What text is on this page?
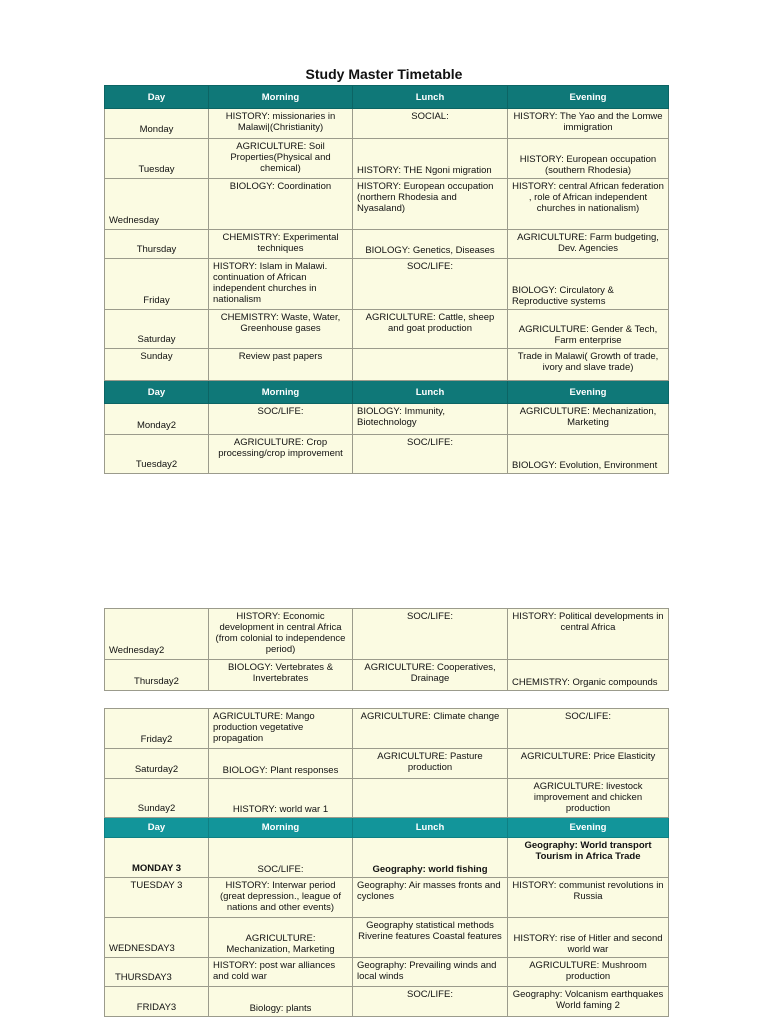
Study Master Timetable
Day	Morning	Lunch	Evening
Monday	HISTORY: missionaries in Malawi|(Christianity)	SOCIAL:	HISTORY: The Yao and the Lomwe immigration
Tuesday	AGRICULTURE: Soil Properties(Physical and chemical)	HISTORY: THE Ngoni migration	HISTORY: European occupation (southern Rhodesia)
Wednesday	BIOLOGY: Coordination	HISTORY: European occupation (northern Rhodesia and Nyasaland)	HISTORY: central African federation , role of African independent churches in nationalism)
Thursday	CHEMISTRY: Experimental techniques	BIOLOGY: Genetics, Diseases	AGRICULTURE: Farm budgeting, Dev. Agencies
Friday	HISTORY: Islam in Malawi. continuation of African independent churches in nationalism	SOC/LIFE:	BIOLOGY: Circulatory & Reproductive systems
Saturday	CHEMISTRY: Waste, Water, Greenhouse gases	AGRICULTURE: Cattle, sheep and goat production	AGRICULTURE: Gender & Tech, Farm enterprise
Sunday	Review past papers		Trade in Malawi( Growth of trade, ivory and slave trade)
Day	Morning	Lunch	Evening
Monday2	SOC/LIFE:	BIOLOGY: Immunity, Biotechnology	AGRICULTURE: Mechanization, Marketing
Tuesday2	AGRICULTURE: Crop processing/crop improvement	SOC/LIFE:	BIOLOGY: Evolution, Environment
Wednesday2	HISTORY: Economic development in central Africa (from colonial to independence period)	SOC/LIFE:	HISTORY: Political developments in central Africa
Thursday2	BIOLOGY: Vertebrates & Invertebrates	AGRICULTURE: Cooperatives, Drainage	CHEMISTRY: Organic compounds
Friday2	AGRICULTURE: Mango production vegetative propagation	AGRICULTURE: Climate change	SOC/LIFE:
Saturday2	BIOLOGY: Plant responses	AGRICULTURE: Pasture production	AGRICULTURE: Price Elasticity
Sunday2	HISTORY: world war 1		AGRICULTURE: livestock improvement and chicken production
Day	Morning	Lunch	Evening
MONDAY 3	SOC/LIFE:	Geography: world fishing	Geography: World transport Tourism in Africa Trade
TUESDAY 3	HISTORY: Interwar period (great depression., league of nations and other events)	Geography: Air masses fronts and cyclones	HISTORY: communist revolutions in Russia
WEDNESDAY3	AGRICULTURE: Mechanization, Marketing	Geography statistical methods Riverine features Coastal features	HISTORY: rise of Hitler and second world war
THURSDAY3	HISTORY: post war alliances and cold war	Geography: Prevailing winds and local winds	AGRICULTURE: Mushroom production
FRIDAY3	Biology: plants	SOC/LIFE:	Geography: Volcanism earthquakes World faming 2
